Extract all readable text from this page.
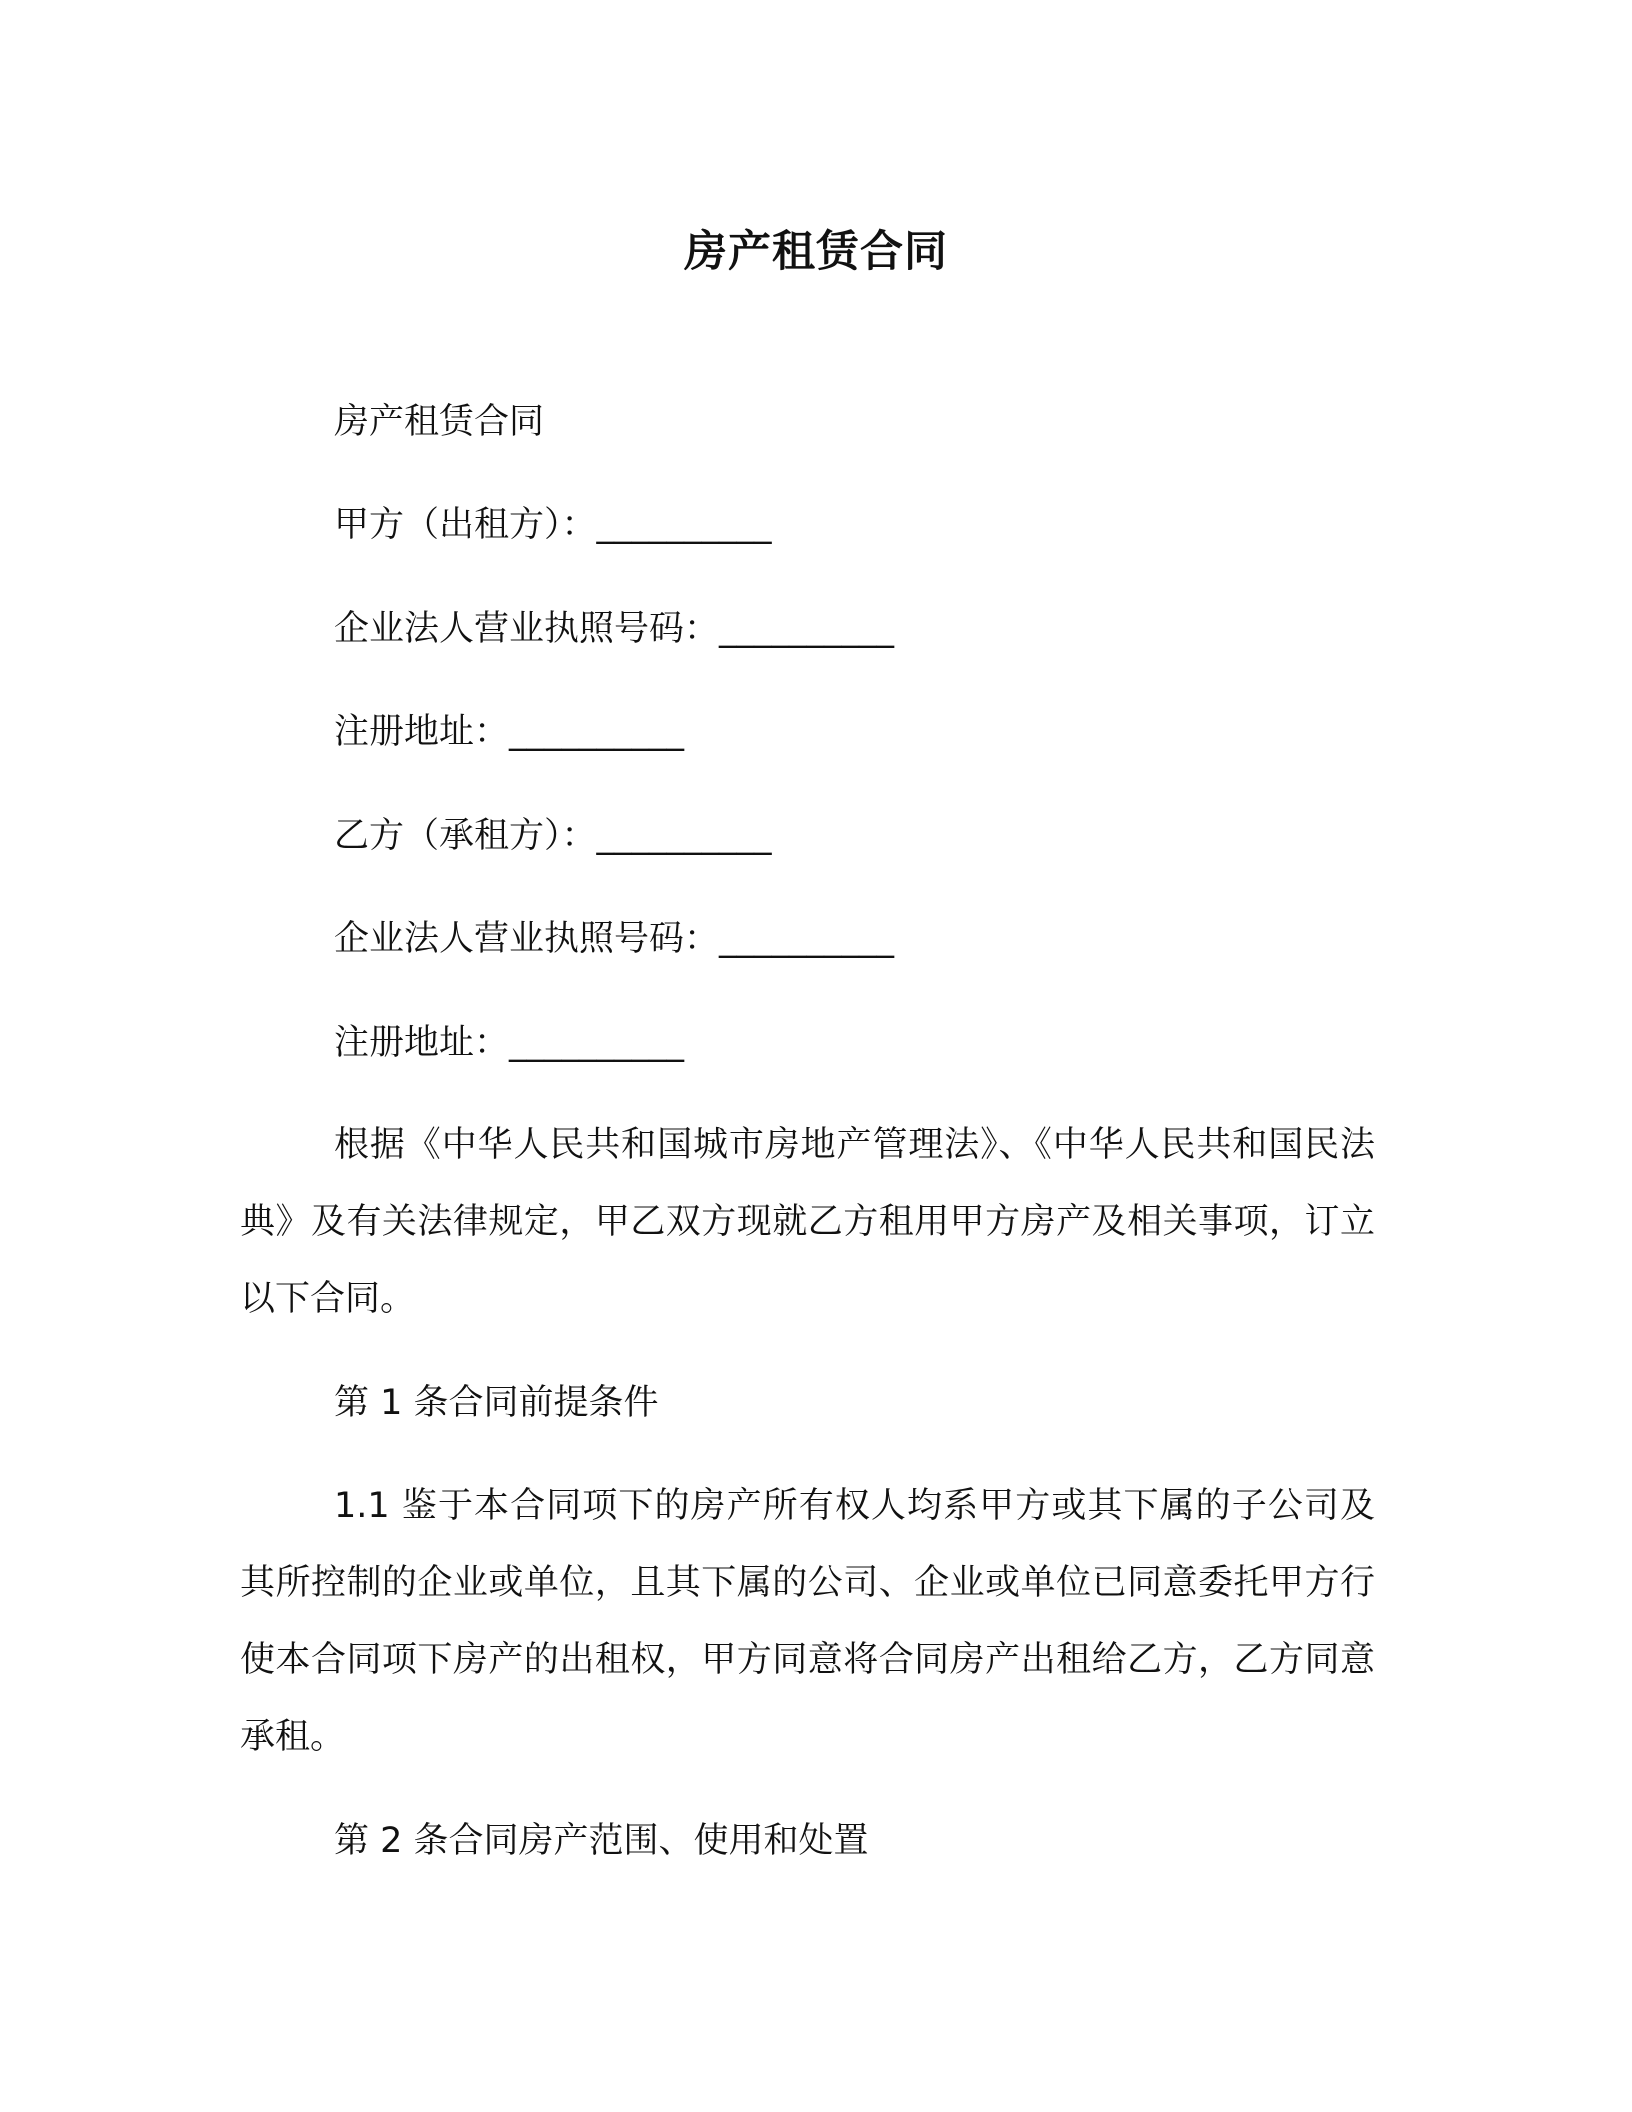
房产租赁合同
房产租赁合同
甲方（出租方）：__________
企业法人营业执照号码：__________
注册地址：__________
乙方（承租方）：__________
企业法人营业执照号码：__________
注册地址：__________
根据《中华人民共和国城市房地产管理法》、《中华人民共和国民法典》及有关法律规定，甲乙双方现就乙方租用甲方房产及相关事项，订立以下合同。
第 1 条合同前提条件
1.1 鉴于本合同项下的房产所有权人均系甲方或其下属的子公司及其所控制的企业或单位，且其下属的公司、企业或单位已同意委托甲方行使本合同项下房产的出租权，甲方同意将合同房产出租给乙方，乙方同意承租。
第 2 条合同房产范围、使用和处置
